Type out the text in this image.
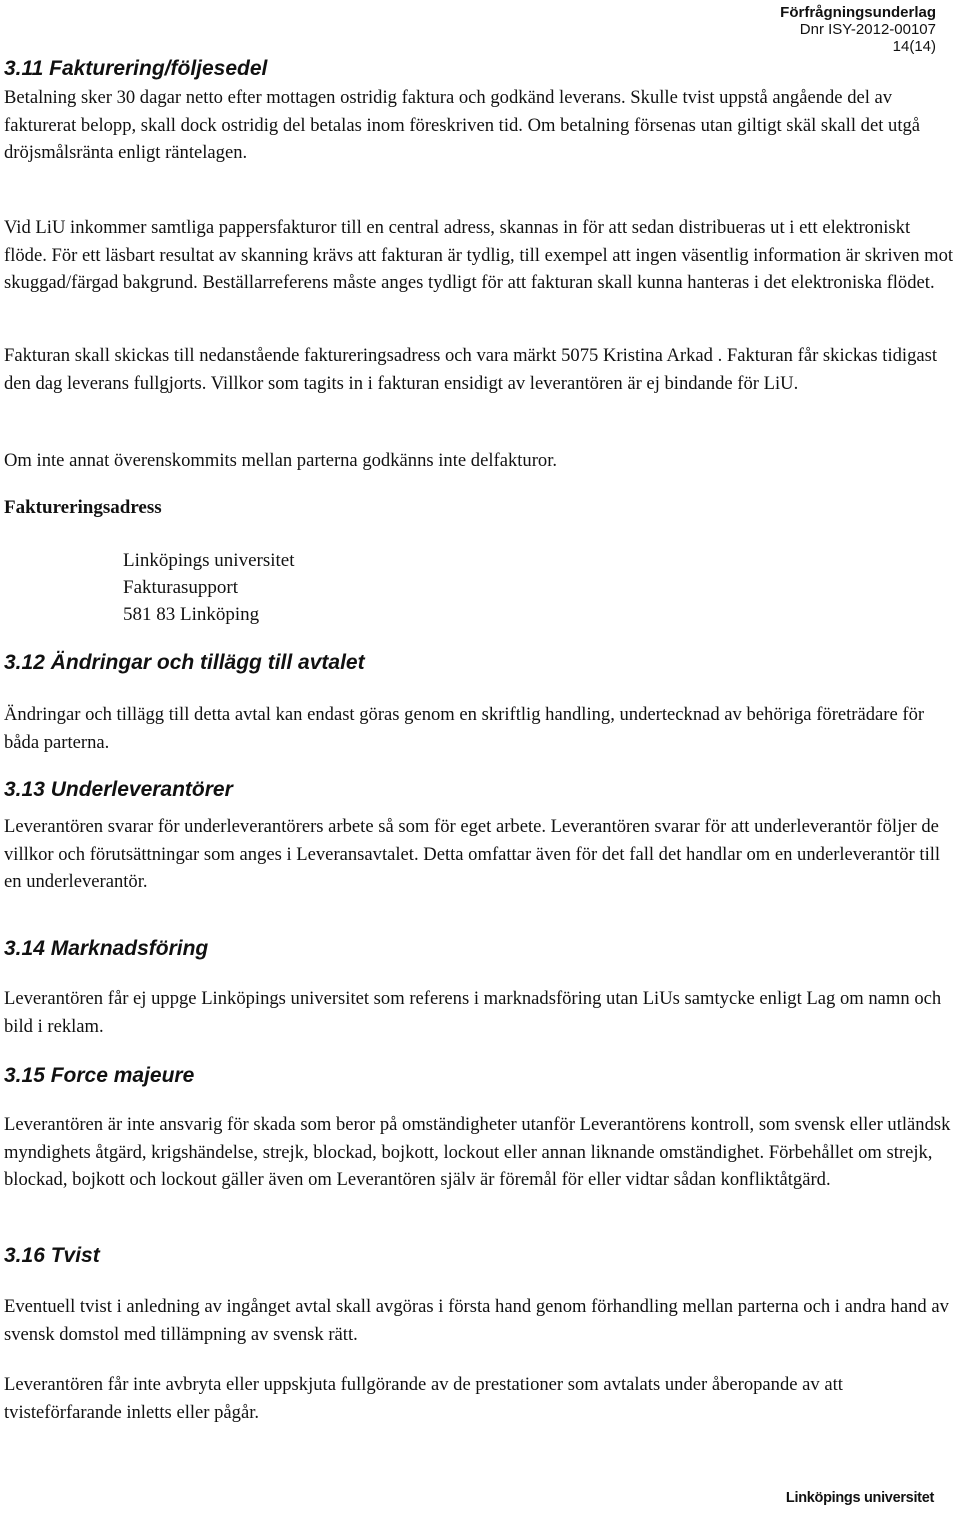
Förfrågningsunderlag
Dnr ISY-2012-00107
14(14)
3.11 Fakturering/följesedel

Betalning sker 30 dagar netto efter mottagen ostridig faktura och godkänd leverans. Skulle tvist uppstå angående del av fakturerat belopp, skall dock ostridig del betalas inom föreskriven tid. Om betalning försenas utan giltigt skäl skall det utgå dröjsmålsränta enligt räntelagen.

Vid LiU inkommer samtliga pappersfakturor till en central adress, skannas in för att sedan distribueras ut i ett elektroniskt flöde. För ett läsbart resultat av skanning krävs att fakturan är tydlig, till exempel att ingen väsentlig information är skriven mot skuggad/färgad bakgrund. Beställarreferens måste anges tydligt för att fakturan skall kunna hanteras i det elektroniska flödet.

Fakturan skall skickas till nedanstående faktureringsadress och vara märkt 5075 Kristina Arkad . Fakturan får skickas tidigast den dag leverans fullgjorts. Villkor som tagits in i fakturan ensidigt av leverantören är ej bindande för LiU.

Om inte annat överenskommits mellan parterna godkänns inte delfakturor.

Faktureringsadress

Linköpings universitet
Fakturasupport
581 83 Linköping
3.12 Ändringar och tillägg till avtalet

Ändringar och tillägg till detta avtal kan endast göras genom en skriftlig handling, undertecknad av behöriga företrädare för båda parterna.

3.13 Underleverantörer

Leverantören svarar för underleverantörers arbete så som för eget arbete. Leverantören svarar för att underleverantör följer de villkor och förutsättningar som anges i Leveransavtalet. Detta omfattar även för det fall det handlar om en underleverantör till en underleverantör.

3.14 Marknadsföring

Leverantören får ej uppge Linköpings universitet som referens i marknadsföring utan LiUs samtycke enligt Lag om namn och bild i reklam.

3.15 Force majeure

Leverantören är inte ansvarig för skada som beror på omständigheter utanför Leverantörens kontroll, som svensk eller utländsk myndighets åtgärd, krigshändelse, strejk, blockad, bojkott, lockout eller annan liknande omständighet. Förbehållet om strejk, blockad, bojkott och lockout gäller även om Leverantören själv är föremål för eller vidtar sådan konfliktåtgärd.

3.16 Tvist

Eventuell tvist i anledning av ingånget avtal skall avgöras i första hand genom förhandling mellan parterna och i andra hand av svensk domstol med tillämpning av svensk rätt.

Leverantören får inte avbryta eller uppskjuta fullgörande av de prestationer som avtalats under åberopande av att tvisteförfarande inletts eller pågår.

Linköpings universitet
